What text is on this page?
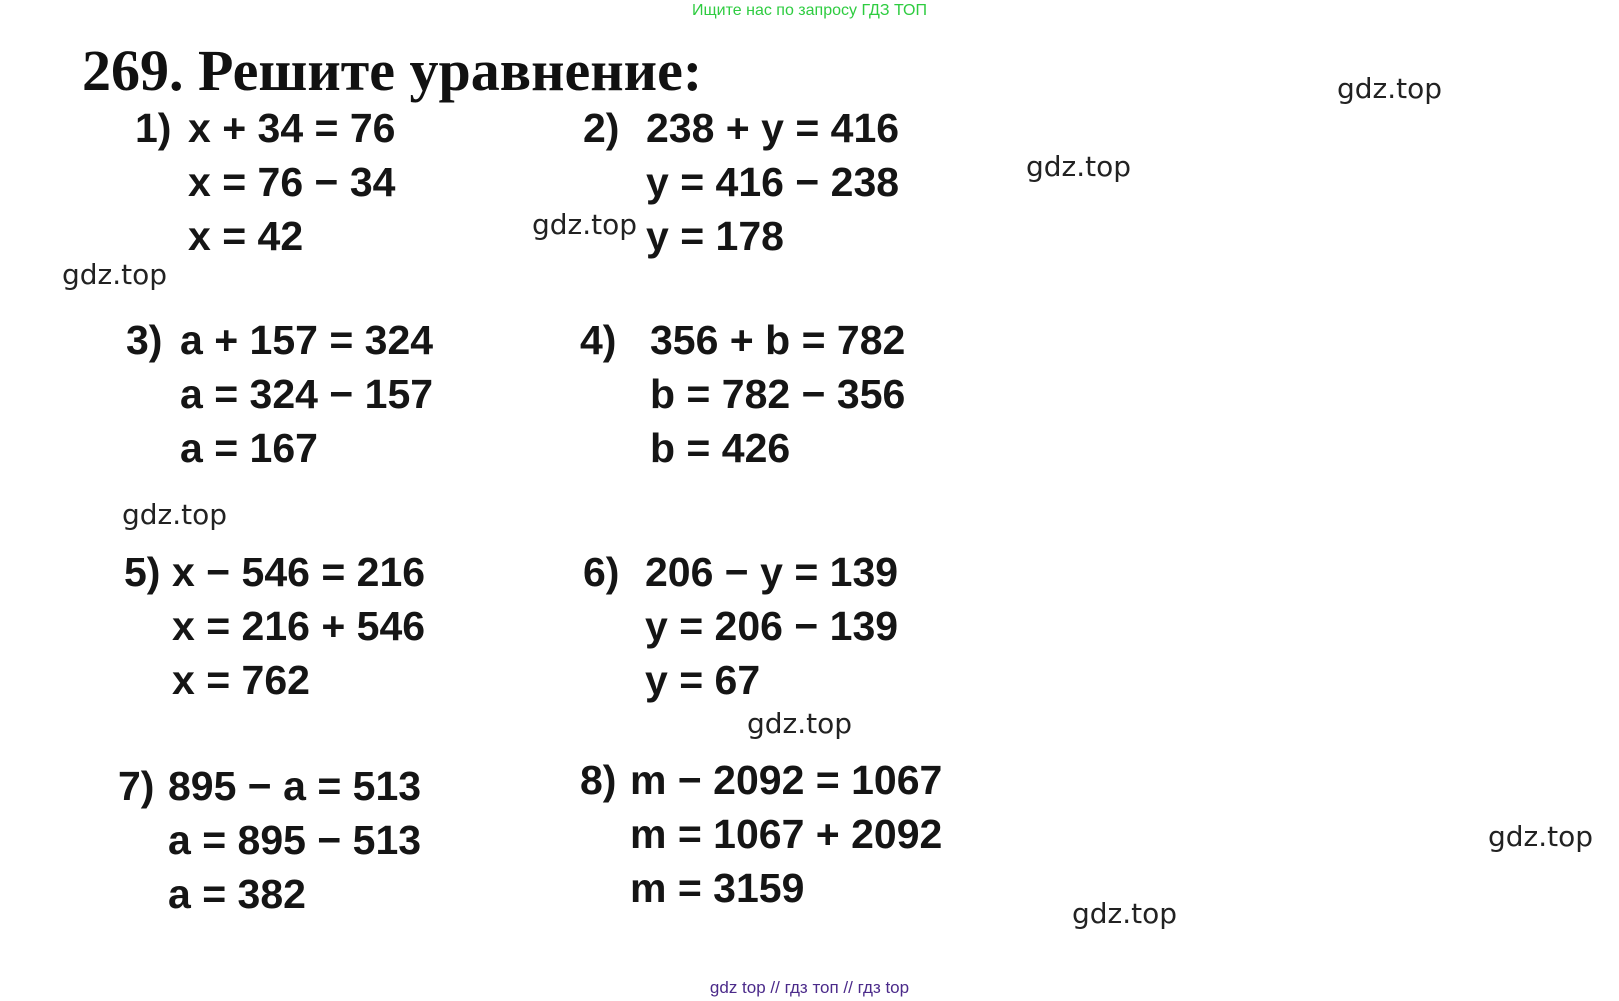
Ищите нас по запросу ГДЗ ТОП
269. Решите уравнение:	gdz.top
gdz.top
gdz.top
gdz.top
gdz.top
gdz.top
gdz.top
gdz.top
1) x + 34 = 76
x = 76 − 34
x = 42
2) 238 + y = 416
y = 416 − 238
y = 178
3) a + 157 = 324
a = 324 − 157
a = 167
4) 356 + b = 782
b = 782 − 356
b = 426
5) x − 546 = 216
x = 216 + 546
x = 762
6) 206 − y = 139
y = 206 − 139
y = 67
7) 895 − a = 513
a = 895 − 513
a = 382
8) m − 2092 = 1067
m = 1067 + 2092
m = 3159
gdz top // гдз топ // гдз top
